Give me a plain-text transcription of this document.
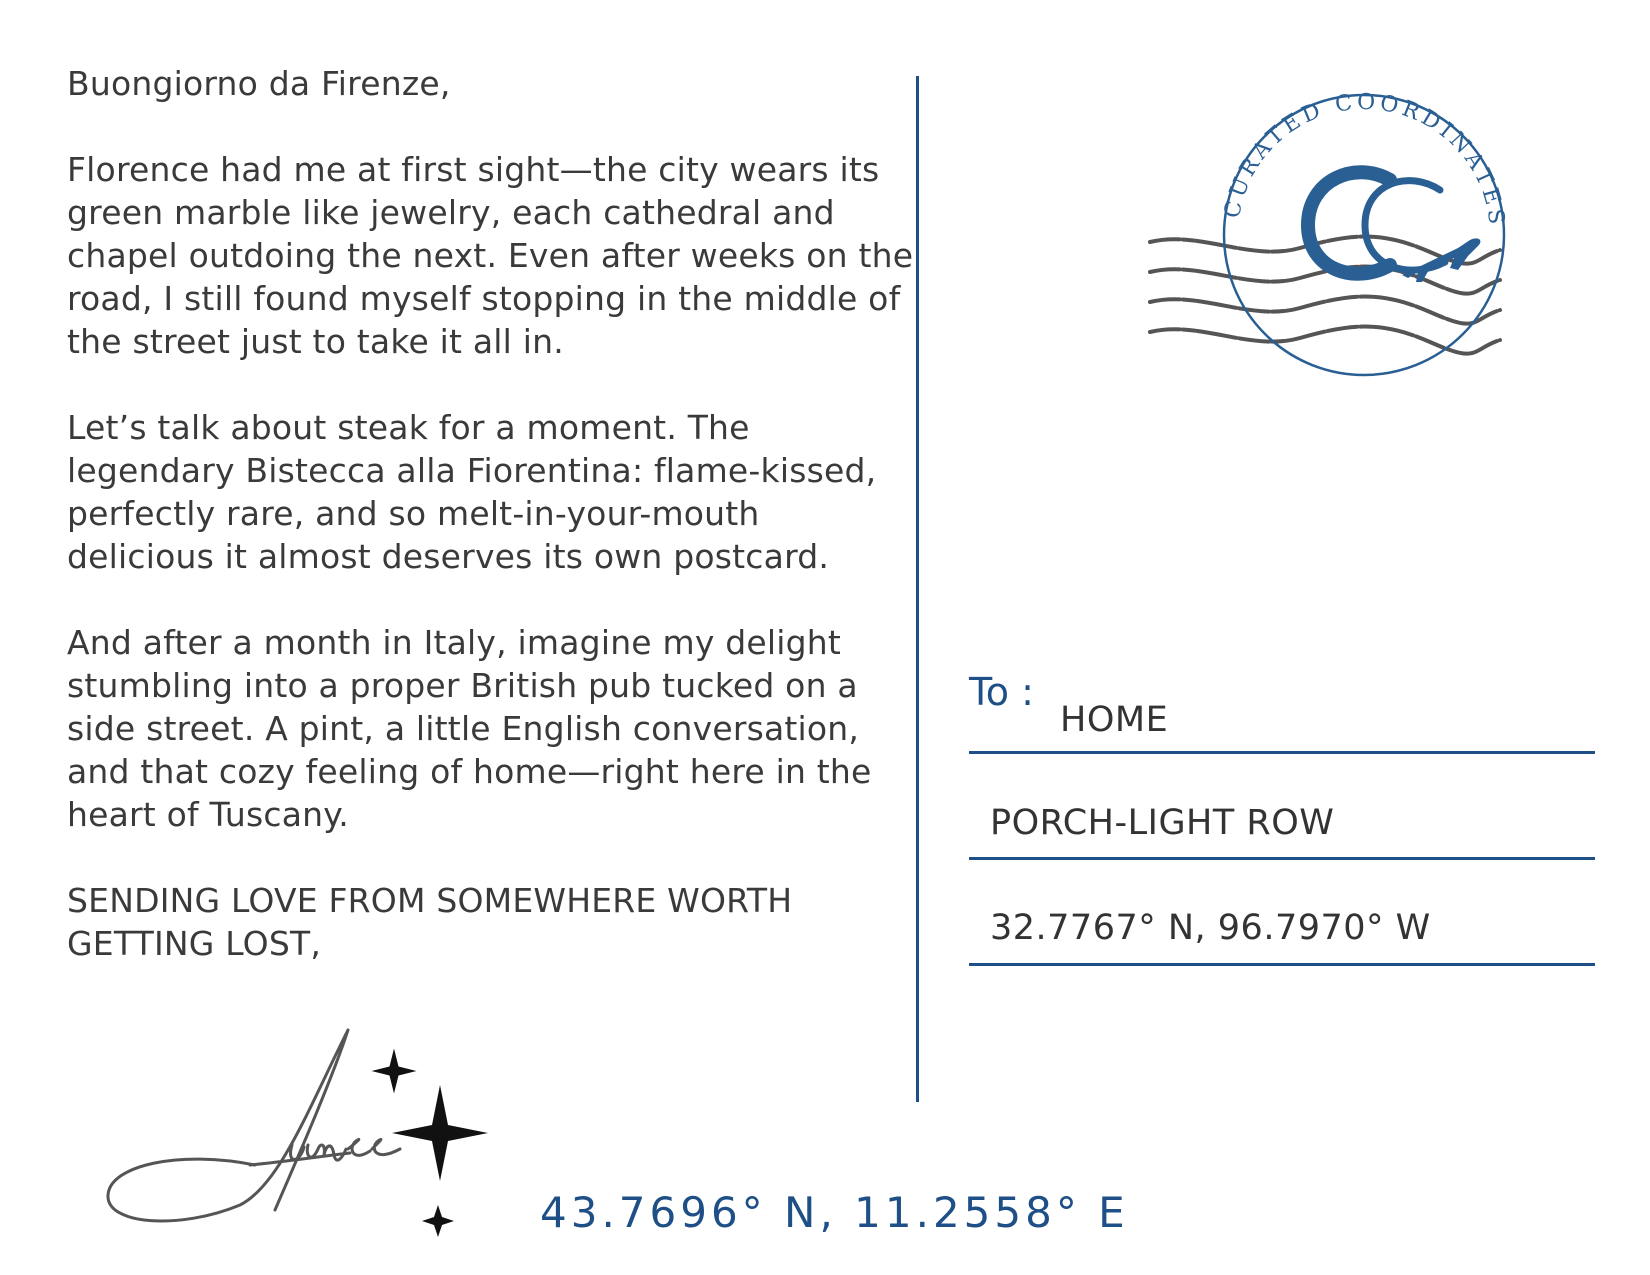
Buongiorno da Firenze,

Florence had me at first sight—the city wears its green marble like jewelry, each cathedral and chapel outdoing the next. Even after weeks on the road, I still found myself stopping in the middle of the street just to take it all in.

Let’s talk about steak for a moment. The legendary Bistecca alla Fiorentina: flame-kissed, perfectly rare, and so melt-in-your-mouth delicious it almost deserves its own postcard.

And after a month in Italy, imagine my delight stumbling into a proper British pub tucked on a side street. A pint, a little English conversation, and that cozy feeling of home—right here in the heart of Tuscany.

SENDING LOVE FROM SOMEWHERE WORTH GETTING LOST,

CURATED COORDINATES
To :
HOME
PORCH-LIGHT ROW
32.7767° N, 96.7970° W
43.7696° N, 11.2558° E
